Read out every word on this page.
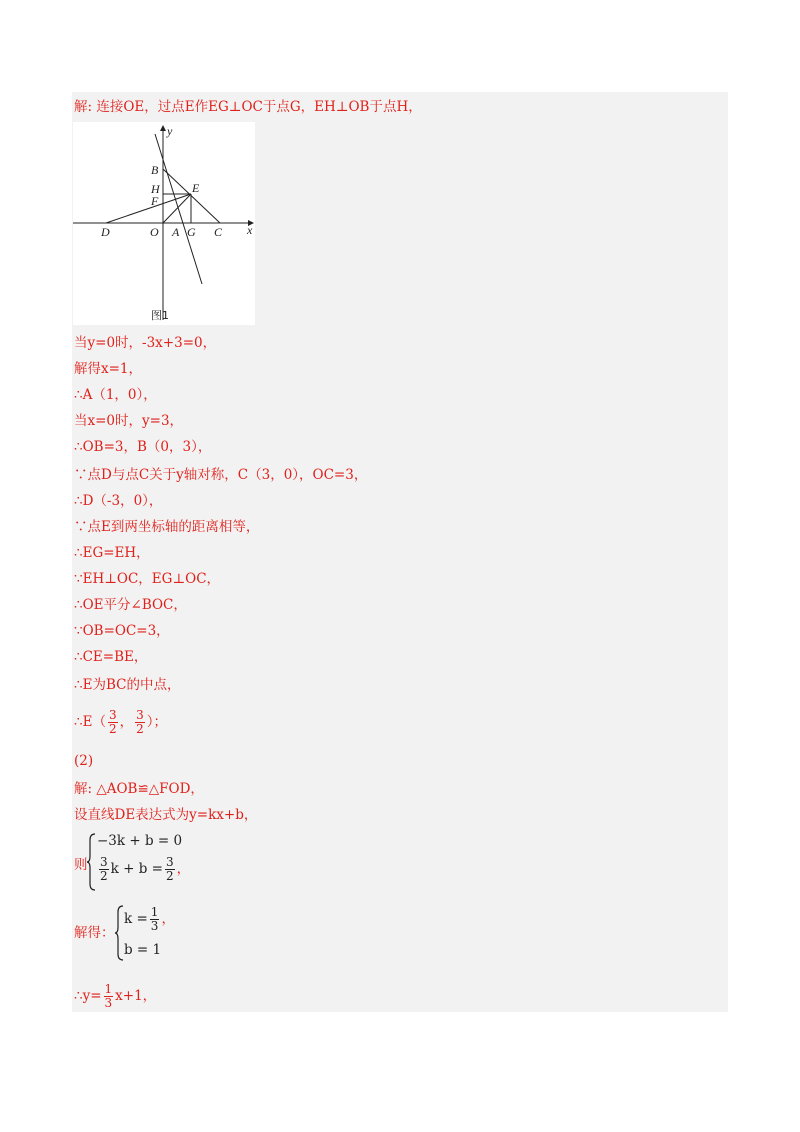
解: 连接OE，过点E作EG⊥OC于点G，EH⊥OB于点H，
y
x
B
H
F
E
D	O A G C
图1
当y=0时，-3x+3=0，
解得x=1，
∴A（1，0），
当x=0时，y=3，
∴OB=3，B（0，3），
∵点D与点C关于y轴对称，C（3，0），OC=3，
∴D（-3，0），
∵点E到两坐标轴的距离相等，
∴EG=EH，
∵EH⊥OC，EG⊥OC，
∴OE平分∠BOC，
∵OB=OC=3，
∴CE=BE，
∴E为BC的中点，
∴E（ $\frac{3}{2}$ ， $\frac{3}{2}$ ）；
(2)
解: △AOB≌△FOD，
设直线DE表达式为y=kx+b，
则
−3k + b = 0
$\frac{3}{2}$ $k + b = \frac{3}{2}$ ，
解得：
$k = \frac{1}{3}$ ，
b = 1
∴y= $\frac{1}{3} x+1$，
